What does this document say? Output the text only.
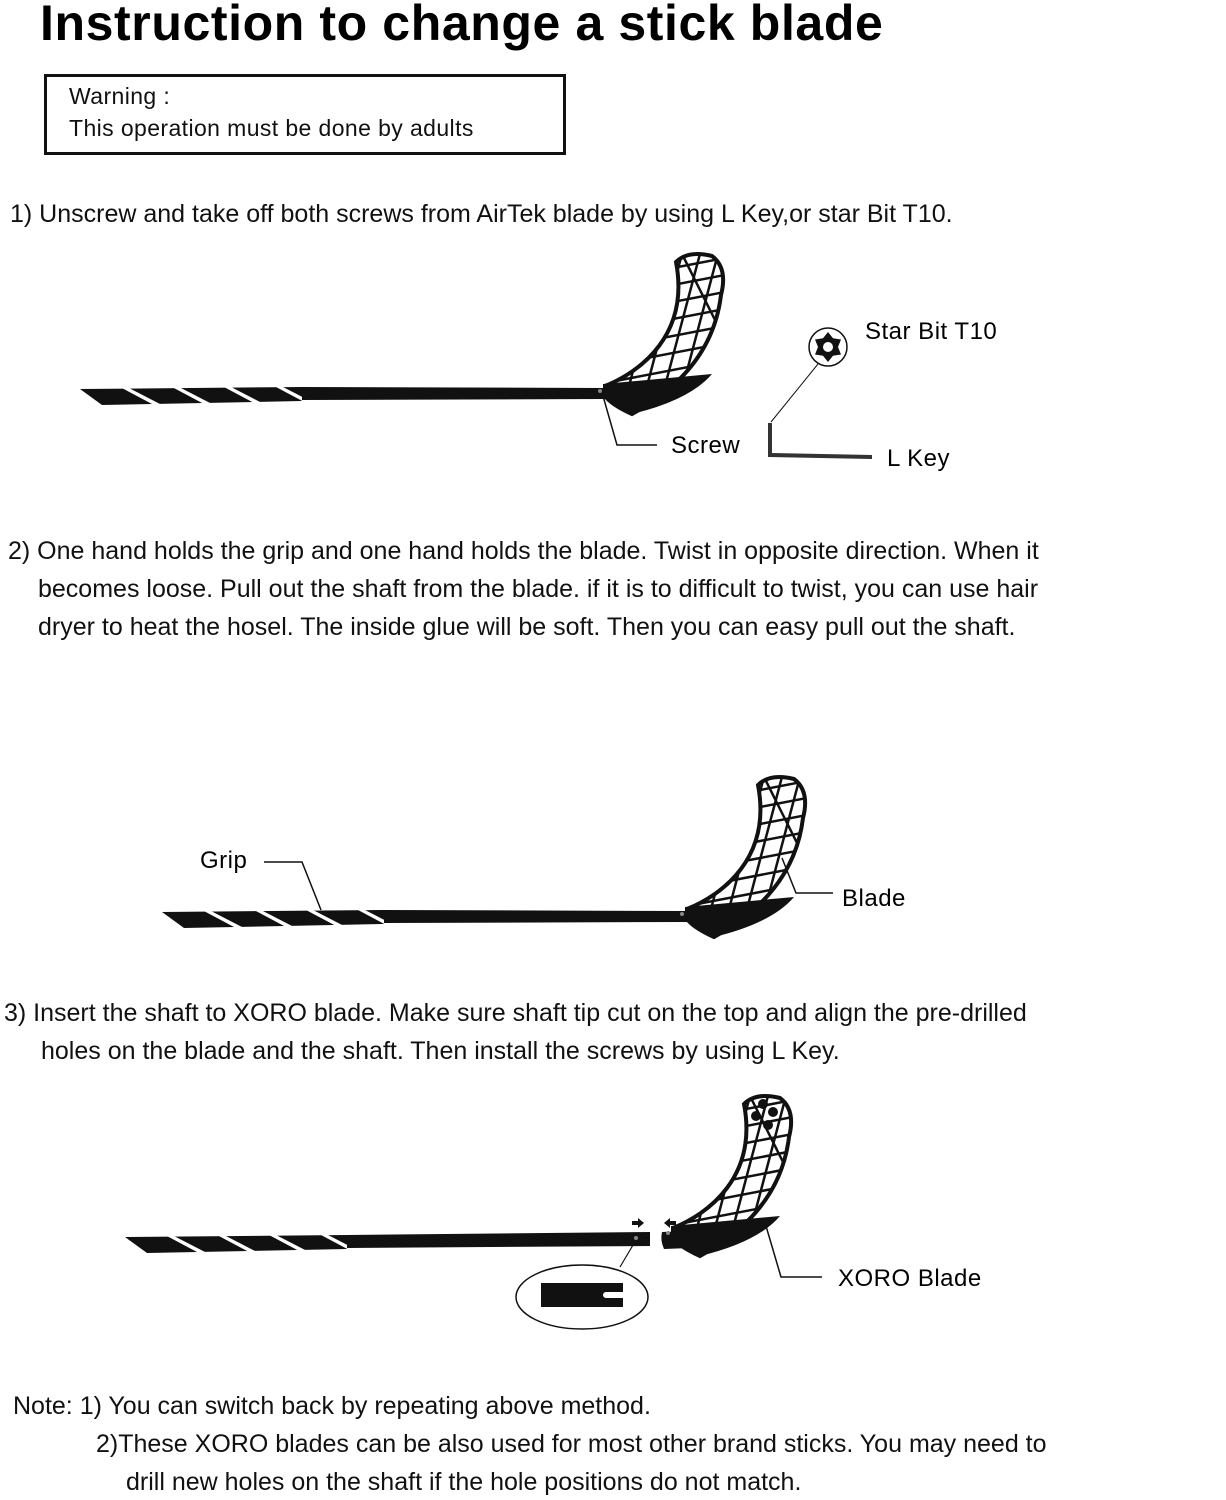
Instruction to change a stick blade
Warning :
This operation must be done by adults
1) Unscrew and take off both screws from AirTek blade by using L Key,or star Bit T10.
2) One hand holds the grip and one hand holds the blade. Twist in opposite direction. When it
becomes loose. Pull out the shaft from the blade. if it is to difficult to twist, you can use hair
dryer to heat the hosel. The inside glue will be soft. Then you can easy pull out the shaft.
3) Insert the shaft to XORO blade. Make sure shaft tip cut on the top and align the pre-drilled
holes on the blade and the shaft. Then install the screws by using L Key.
Note: 1) You can switch back by repeating above method.
2)These XORO blades can be also used for most other brand sticks. You may need to
drill new holes on the shaft if the hole positions do not match.
Screw
Star Bit T10
L Key
Grip
Blade
XORO Blade
